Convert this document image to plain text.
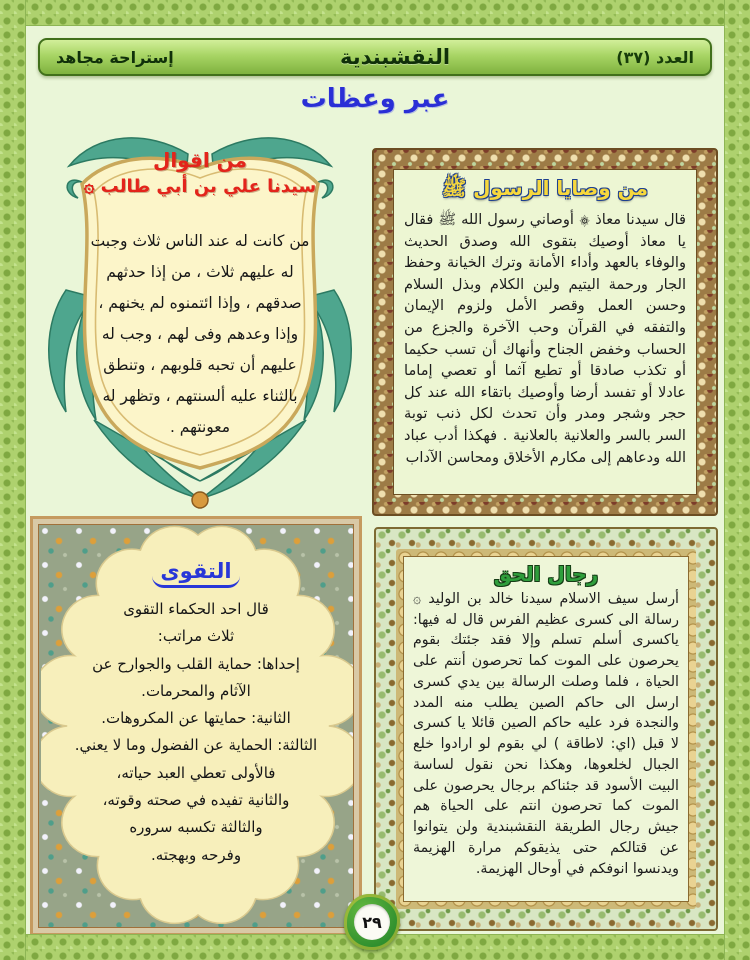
العدد (٣٧)
النقشبندية
إستراحة مجاهد
عبر وعظات
من اقوال
سيدنا علي بن أبي طالب ۞
من كانت له عند الناس ثلاث وجبت له عليهم ثلاث ، من إذا حدثهم صدقهم ، وإذا ائتمنوه لم يخنهم ، وإذا وعدهم وفى لهم ، وجب له عليهم أن تحبه قلوبهم ، وتنطق بالثناء عليه ألسنتهم ، وتظهر له معونتهم .
من وصايا الرسول ﷺ
قال سيدنا معاذ ۞ أوصاني رسول الله ﷺ فقال يا معاذ أوصيك بتقوى الله وصدق الحديث والوفاء بالعهد وأداء الأمانة وترك الخيانة وحفظ الجار ورحمة اليتيم ولين الكلام وبذل السلام وحسن العمل وقصر الأمل ولزوم الإيمان والتفقه في القرآن وحب الآخرة والجزع من الحساب وخفض الجناح وأنهاك أن تسب حكيما أو تكذب صادقا أو تطيع آثما أو تعصي إماما عادلا أو تفسد أرضا وأوصيك باتقاء الله عند كل حجر وشجر ومدر وأن تحدث لكل ذنب توبة السر بالسر والعلانية بالعلانية . فهكذا أدب عباد الله ودعاهم إلى مكارم الأخلاق ومحاسن الآداب
التقوى
قال احد الحكماء التقوى
ثلاث مراتب:
إحداها: حماية القلب والجوارح عن
الآثام والمحرمات.
الثانية: حمايتها عن المكروهات.
الثالثة: الحماية عن الفضول وما لا يعني.
فالأولى تعطي العبد حياته،
والثانية تفيده في صحته وقوته،
والثالثة تكسبه سروره
وفرحه وبهجته.
رجال الحق
أرسل سيف الاسلام سيدنا خالد بن الوليد ۞ رسالة الى كسرى عظيم الفرس قال له فيها: ياكسرى أسلم تسلم وإلا فقد جئتك بقوم يحرصون على الموت كما تحرصون أنتم على الحياة ، فلما وصلت الرسالة بين يدي كسرى ارسل الى حاكم الصين يطلب منه المدد والنجدة فرد عليه حاكم الصين قائلا يا كسرى لا قبل (اي: لاطاقة ) لي بقوم لو ارادوا خلع الجبال لخلعوها، وهكذا نحن نقول لساسة البيت الأسود قد جئناكم برجال يحرصون على الموت كما تحرصون انتم على الحياة هم جيش رجال الطريقة النقشبندية ولن يتوانوا عن قتالكم حتى يذيقوكم مرارة الهزيمة ويدنسوا انوفكم في أوحال الهزيمة.
٢٩
